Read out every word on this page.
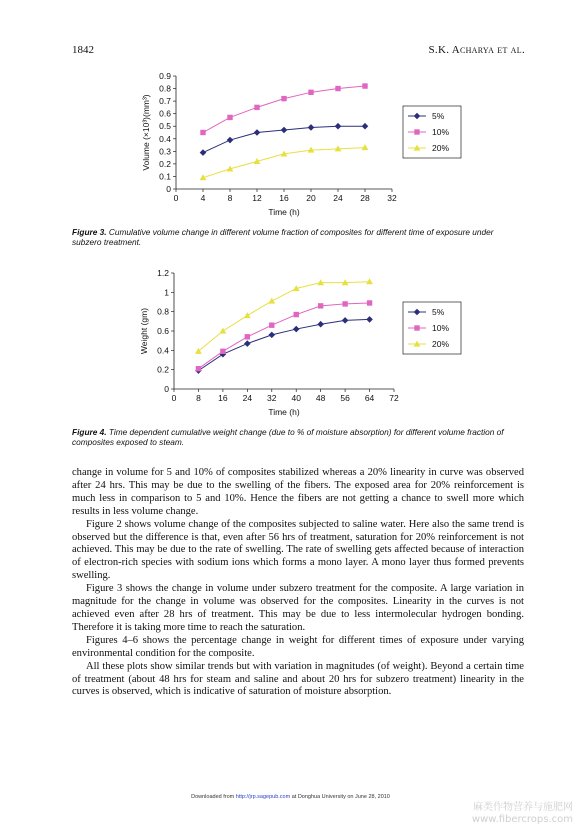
1842	S.K. Acharya et al.
0
0.1
0.2
0.3
0.4
0.5
0.6
0.7
0.8
0.9
0	4	8 12 16 20 24 28 32
Time (h)
Volume (×10³)(mm³)	5%
10%
20%
Figure 3. Cumulative volume change in different volume fraction of composites for different time of exposure under subzero treatment.
0
0.2
0.4
0.6
0.8
1
1.2
0 8 16 24 32 40 48 56 64 72
Time (h)
Weight (gm)	5%
10%
20%
Figure 4. Time dependent cumulative weight change (due to % of moisture absorption) for different volume fraction of composites exposed to steam.

change in volume for 5 and 10% of composites stabilized whereas a 20% linearity in curve was observed after 24 hrs. This may be due to the swelling of the fibers. The exposed area for 20% reinforcement is much less in comparison to 5 and 10%. Hence the fibers are not getting a chance to swell more which results in less volume change.

Figure 2 shows volume change of the composites subjected to saline water. Here also the same trend is observed but the difference is that, even after 56 hrs of treatment, saturation for 20% reinforcement is not achieved. This may be due to the rate of swelling. The rate of swelling gets affected because of interaction of electron-rich species with sodium ions which forms a mono layer. A mono layer thus formed prevents swelling.

Figure 3 shows the change in volume under subzero treatment for the composite. A large variation in magnitude for the change in volume was observed for the composites. Linearity in the curves is not achieved even after 28 hrs of treatment. This may be due to less intermolecular hydrogen bonding. Therefore it is taking more time to reach the saturation.

Figures 4–6 shows the percentage change in weight for different times of exposure under varying environmental condition for the composite.

All these plots show similar trends but with variation in magnitudes (of weight). Beyond a certain time of treatment (about 48 hrs for steam and saline and about 20 hrs for subzero treatment) linearity in the curves is observed, which is indicative of saturation of moisture absorption.

Downloaded from http://jrp.sagepub.com at Donghua University on June 28, 2010
麻类作物营养与施肥网
www.fibercrops.com
